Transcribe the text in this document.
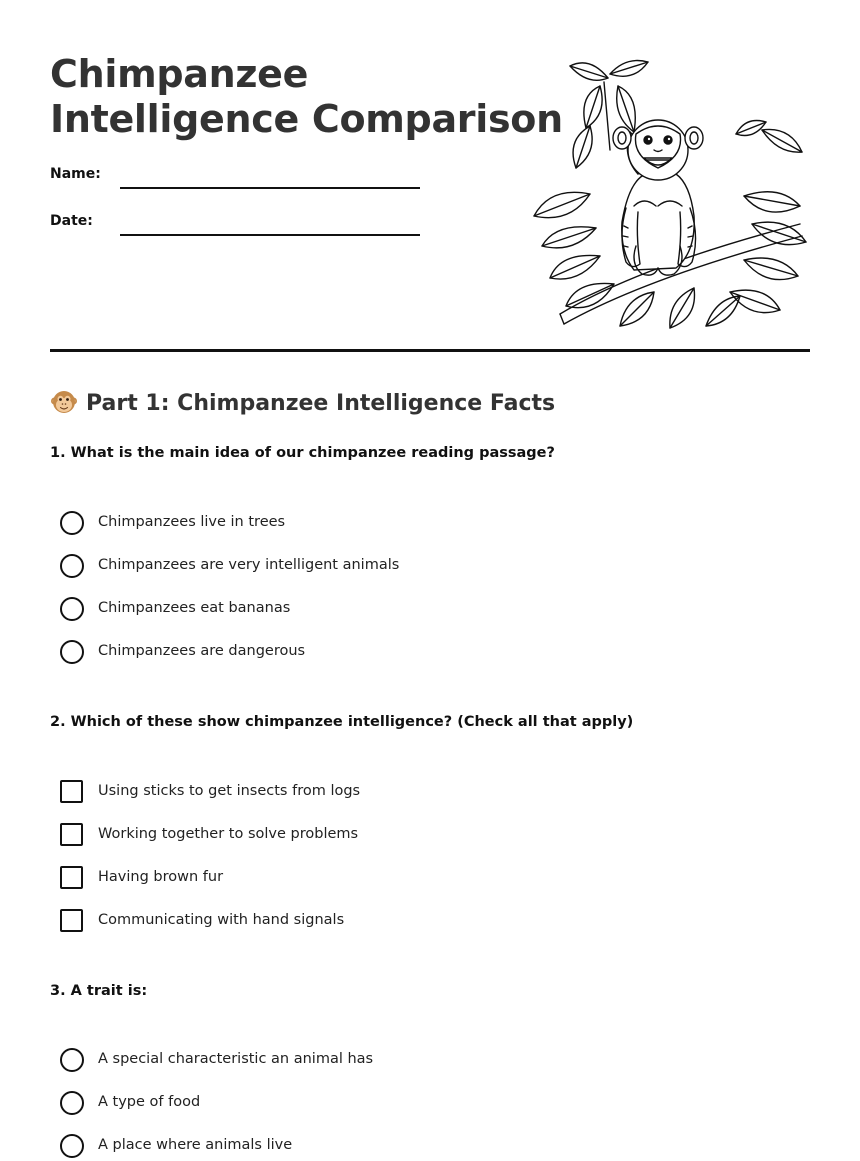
Chimpanzee
Intelligence Comparison
Name:
Date:
Part 1: Chimpanzee Intelligence Facts

1. What is the main idea of our chimpanzee reading passage?

Chimpanzees live in trees
Chimpanzees are very intelligent animals
Chimpanzees eat bananas
Chimpanzees are dangerous

2. Which of these show chimpanzee intelligence? (Check all that apply)

Using sticks to get insects from logs
Working together to solve problems
Having brown fur
Communicating with hand signals

3. A trait is:

A special characteristic an animal has
A type of food
A place where animals live
